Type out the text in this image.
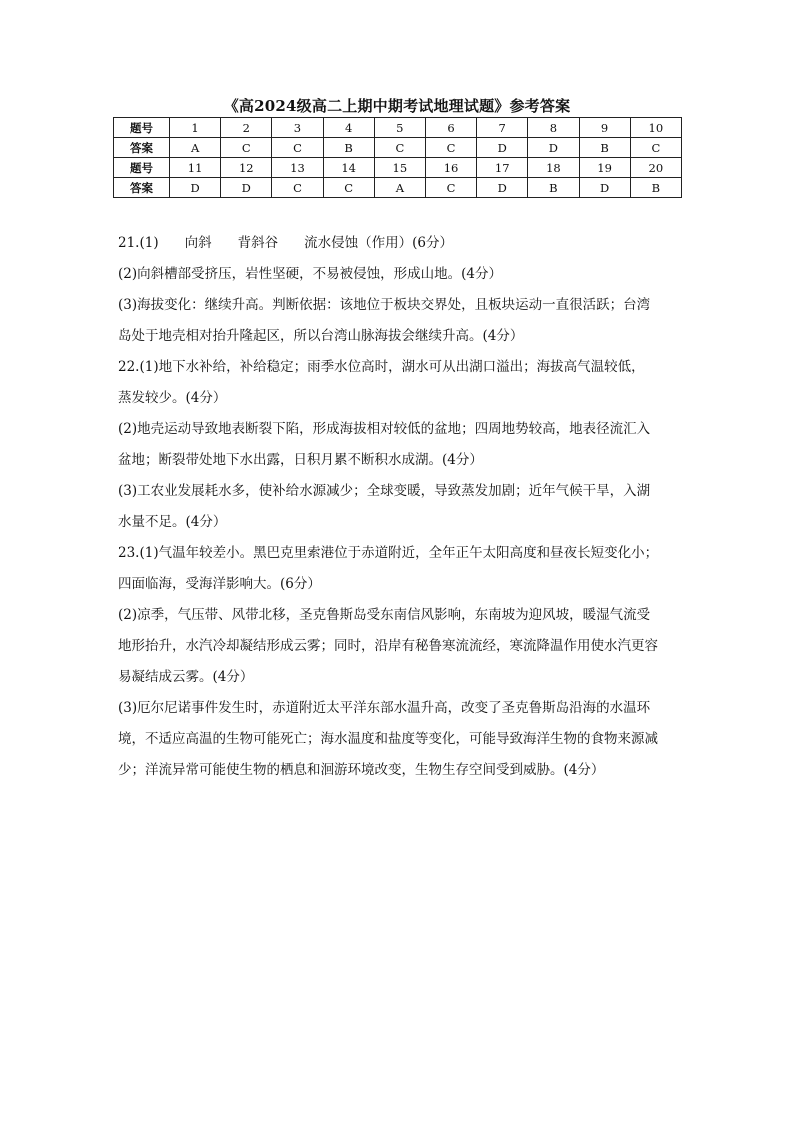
《高2024级高二上期中期考试地理试题》参考答案
题号	1	2	3	4	5	6	7	8	9	10
答案	A	C	C	B	C	C	D	D	B	C
题号	11	12	13	14	15	16	17	18	19	20
答案	D	D	C	C	A	C	D	B	D	B

21.(1) 向斜 背斜谷 流水侵蚀（作用）(6分）

(2)向斜槽部受挤压，岩性坚硬，不易被侵蚀，形成山地。(4分）

(3)海拔变化：继续升高。判断依据：该地位于板块交界处，且板块运动一直很活跃；台湾

岛处于地壳相对抬升隆起区，所以台湾山脉海拔会继续升高。(4分）

22.(1)地下水补给，补给稳定；雨季水位高时，湖水可从出湖口溢出；海拔高气温较低，

蒸发较少。(4分）

(2)地壳运动导致地表断裂下陷，形成海拔相对较低的盆地；四周地势较高，地表径流汇入

盆地；断裂带处地下水出露，日积月累不断积水成湖。(4分）

(3)工农业发展耗水多，使补给水源减少；全球变暖，导致蒸发加剧；近年气候干旱，入湖

水量不足。(4分）

23.(1)气温年较差小。黑巴克里索港位于赤道附近，全年正午太阳高度和昼夜长短变化小；

四面临海，受海洋影响大。(6分）

(2)凉季，气压带、风带北移，圣克鲁斯岛受东南信风影响，东南坡为迎风坡，暖湿气流受

地形抬升，水汽冷却凝结形成云雾；同时，沿岸有秘鲁寒流流经，寒流降温作用使水汽更容

易凝结成云雾。(4分）

(3)厄尔尼诺事件发生时，赤道附近太平洋东部水温升高，改变了圣克鲁斯岛沿海的水温环

境，不适应高温的生物可能死亡；海水温度和盐度等变化，可能导致海洋生物的食物来源减

少；洋流异常可能使生物的栖息和洄游环境改变，生物生存空间受到威胁。(4分）
